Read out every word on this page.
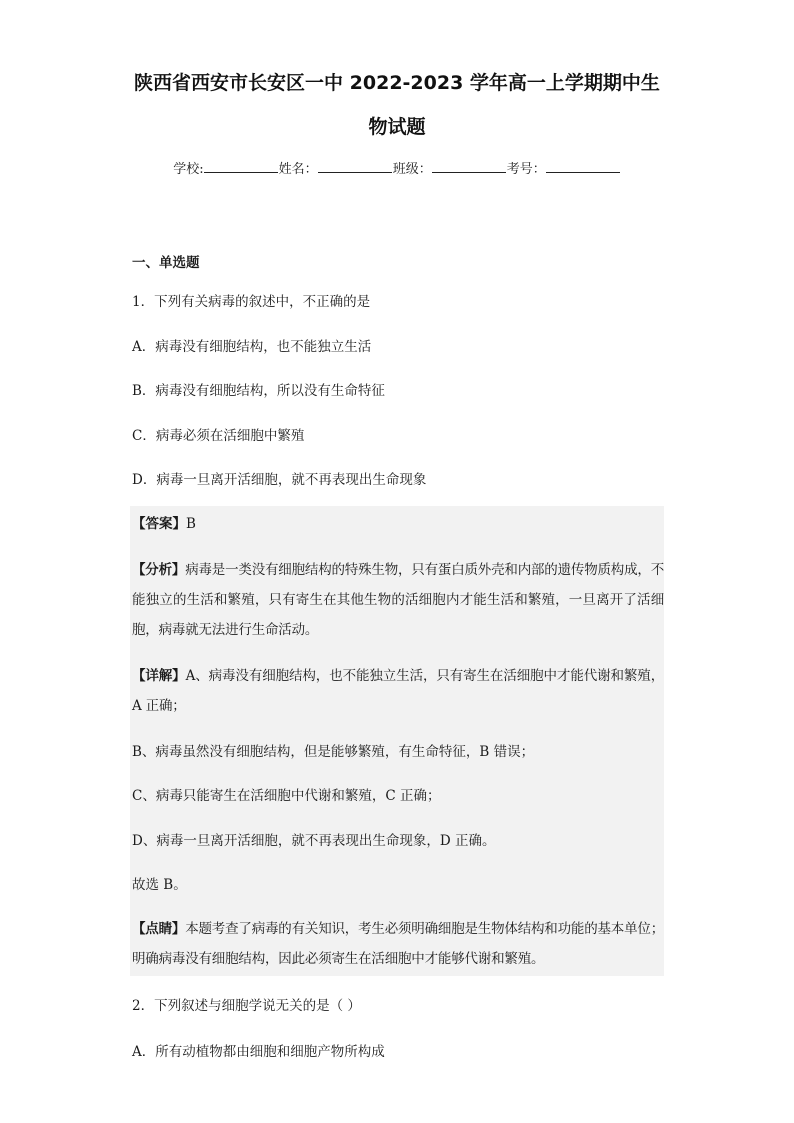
陕西省西安市长安区一中 2022-2023 学年高一上学期期中生
物试题
学校:	姓名：	班级：	考号：
一、单选题
1．下列有关病毒的叙述中，不正确的是
A．病毒没有细胞结构，也不能独立生活
B．病毒没有细胞结构，所以没有生命特征
C．病毒必须在活细胞中繁殖
D．病毒一旦离开活细胞，就不再表现出生命现象
【答案】B
【分析】病毒是一类没有细胞结构的特殊生物，只有蛋白质外壳和内部的遗传物质构成，不能独立的生活和繁殖，只有寄生在其他生物的活细胞内才能生活和繁殖，一旦离开了活细胞，病毒就无法进行生命活动。
【详解】A、病毒没有细胞结构，也不能独立生活，只有寄生在活细胞中才能代谢和繁殖，A 正确；
B、病毒虽然没有细胞结构，但是能够繁殖，有生命特征，B 错误；
C、病毒只能寄生在活细胞中代谢和繁殖，C 正确；
D、病毒一旦离开活细胞，就不再表现出生命现象，D 正确。
故选 B。
【点睛】本题考查了病毒的有关知识，考生必须明确细胞是生物体结构和功能的基本单位；明确病毒没有细胞结构，因此必须寄生在活细胞中才能够代谢和繁殖。
2．下列叙述与细胞学说无关的是（ ）
A．所有动植物都由细胞和细胞产物所构成
